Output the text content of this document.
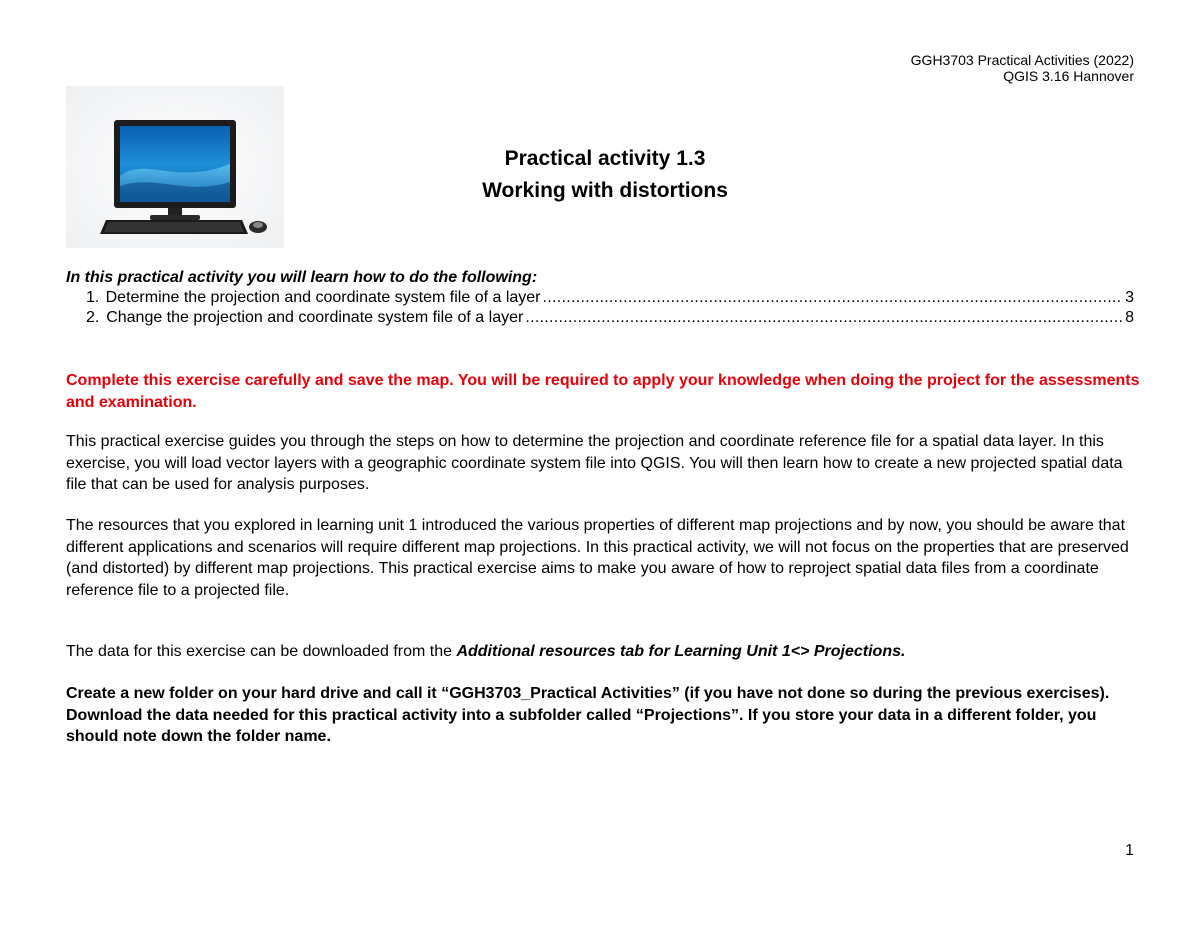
GGH3703 Practical Activities (2022)
QGIS 3.16 Hannover
Practical activity 1.3
Working with distortions
In this practical activity you will learn how to do the following:
1. Determine the projection and coordinate system file of a layer .....	3
2. Change the projection and coordinate system file of a layer .....	8

Complete this exercise carefully and save the map. You will be required to apply your knowledge when doing the project for the assessments and examination.

This practical exercise guides you through the steps on how to determine the projection and coordinate reference file for a spatial data layer. In this exercise, you will load vector layers with a geographic coordinate system file into QGIS. You will then learn how to create a new projected spatial data file that can be used for analysis purposes.

The resources that you explored in learning unit 1 introduced the various properties of different map projections and by now, you should be aware that different applications and scenarios will require different map projections. In this practical activity, we will not focus on the properties that are preserved (and distorted) by different map projections. This practical exercise aims to make you aware of how to reproject spatial data files from a coordinate reference file to a projected file.

The data for this exercise can be downloaded from the Additional resources tab for Learning Unit 1<> Projections.

Create a new folder on your hard drive and call it “GGH3703_Practical Activities” (if you have not done so during the previous exercises). Download the data needed for this practical activity into a subfolder called “Projections”. If you store your data in a different folder, you should note down the folder name.

1
